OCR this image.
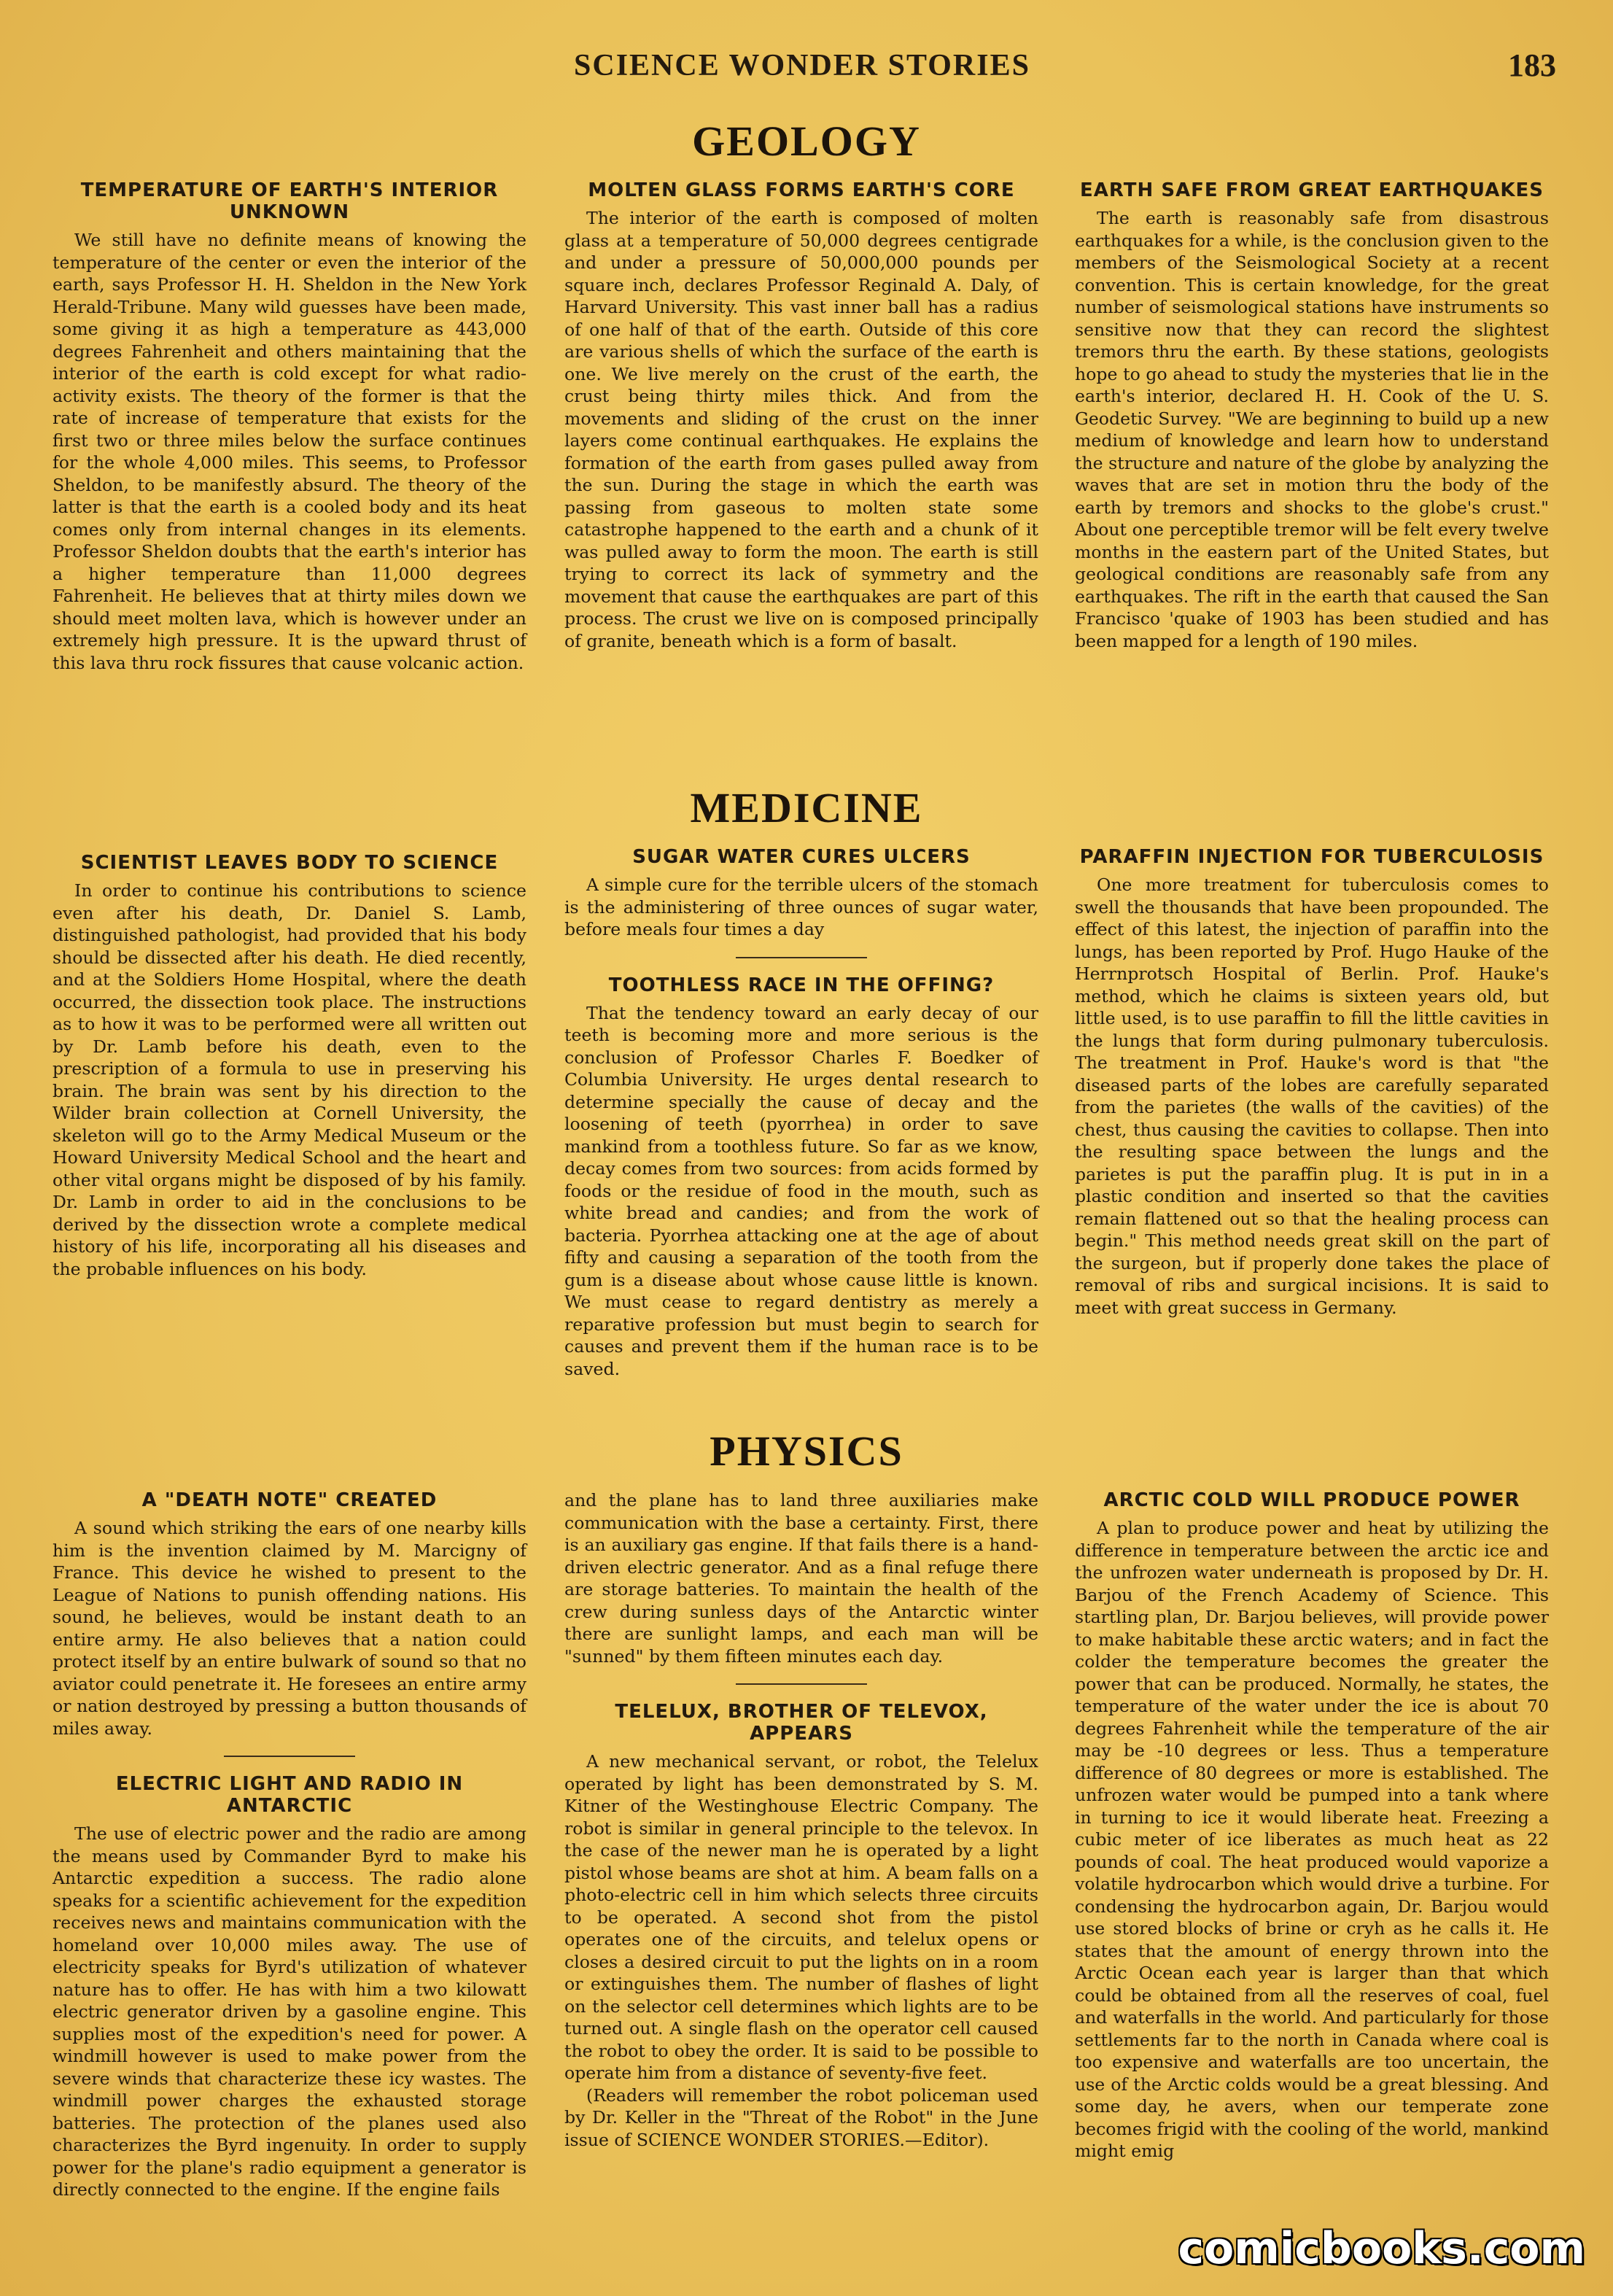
SCIENCE WONDER STORIES	183
GEOLOGY
TEMPERATURE OF EARTH'S INTERIOR UNKNOWN

We still have no definite means of knowing the temperature of the center or even the interior of the earth, says Professor H. H. Sheldon in the New York Herald-Tribune. Many wild guesses have been made, some giving it as high a temperature as 443,000 degrees Fahrenheit and others maintaining that the interior of the earth is cold except for what radio-activity exists. The theory of the former is that the rate of increase of temperature that exists for the first two or three miles below the surface continues for the whole 4,000 miles. This seems, to Professor Sheldon, to be manifestly absurd. The theory of the latter is that the earth is a cooled body and its heat comes only from internal changes in its elements. Professor Sheldon doubts that the earth's interior has a higher temperature than 11,000 degrees Fahrenheit. He believes that at thirty miles down we should meet molten lava, which is however under an extremely high pressure. It is the upward thrust of this lava thru rock fissures that cause volcanic action.

MOLTEN GLASS FORMS EARTH'S CORE

The interior of the earth is composed of molten glass at a temperature of 50,000 degrees centigrade and under a pressure of 50,000,000 pounds per square inch, declares Professor Reginald A. Daly, of Harvard University. This vast inner ball has a radius of one half of that of the earth. Outside of this core are various shells of which the surface of the earth is one. We live merely on the crust of the earth, the crust being thirty miles thick. And from the movements and sliding of the crust on the inner layers come continual earthquakes. He explains the formation of the earth from gases pulled away from the sun. During the stage in which the earth was passing from gaseous to molten state some catastrophe happened to the earth and a chunk of it was pulled away to form the moon. The earth is still trying to correct its lack of symmetry and the movement that cause the earthquakes are part of this process. The crust we live on is composed principally of granite, beneath which is a form of basalt.

EARTH SAFE FROM GREAT EARTHQUAKES

The earth is reasonably safe from disastrous earthquakes for a while, is the conclusion given to the members of the Seismological Society at a recent convention. This is certain knowledge, for the great number of seismological stations have instruments so sensitive now that they can record the slightest tremors thru the earth. By these stations, geologists hope to go ahead to study the mysteries that lie in the earth's interior, declared H. H. Cook of the U. S. Geodetic Survey. "We are beginning to build up a new medium of knowledge and learn how to understand the structure and nature of the globe by analyzing the waves that are set in motion thru the body of the earth by tremors and shocks to the globe's crust." About one perceptible tremor will be felt every twelve months in the eastern part of the United States, but geological conditions are reasonably safe from any earthquakes. The rift in the earth that caused the San Francisco 'quake of 1903 has been studied and has been mapped for a length of 190 miles.

MEDICINE
SCIENTIST LEAVES BODY TO SCIENCE

In order to continue his contributions to science even after his death, Dr. Daniel S. Lamb, distinguished pathologist, had provided that his body should be dissected after his death. He died recently, and at the Soldiers Home Hospital, where the death occurred, the dissection took place. The instructions as to how it was to be performed were all written out by Dr. Lamb before his death, even to the prescription of a formula to use in preserving his brain. The brain was sent by his direction to the Wilder brain collection at Cornell University, the skeleton will go to the Army Medical Museum or the Howard University Medical School and the heart and other vital organs might be disposed of by his family. Dr. Lamb in order to aid in the conclusions to be derived by the dissection wrote a complete medical history of his life, incorporating all his diseases and the probable influences on his body.

SUGAR WATER CURES ULCERS

A simple cure for the terrible ulcers of the stomach is the administering of three ounces of sugar water, before meals four times a day

TOOTHLESS RACE IN THE OFFING?

That the tendency toward an early decay of our teeth is becoming more and more serious is the conclusion of Professor Charles F. Boedker of Columbia University. He urges dental research to determine specially the cause of decay and the loosening of teeth (pyorrhea) in order to save mankind from a toothless future. So far as we know, decay comes from two sources: from acids formed by foods or the residue of food in the mouth, such as white bread and candies; and from the work of bacteria. Pyorrhea attacking one at the age of about fifty and causing a separation of the tooth from the gum is a disease about whose cause little is known. We must cease to regard dentistry as merely a reparative profession but must begin to search for causes and prevent them if the human race is to be saved.

PARAFFIN INJECTION FOR TUBERCULOSIS

One more treatment for tuberculosis comes to swell the thousands that have been propounded. The effect of this latest, the injection of paraffin into the lungs, has been reported by Prof. Hugo Hauke of the Herrnprotsch Hospital of Berlin. Prof. Hauke's method, which he claims is sixteen years old, but little used, is to use paraffin to fill the little cavities in the lungs that form during pulmonary tuberculosis. The treatment in Prof. Hauke's word is that "the diseased parts of the lobes are carefully separated from the parietes (the walls of the cavities) of the chest, thus causing the cavities to collapse. Then into the resulting space between the lungs and the parietes is put the paraffin plug. It is put in in a plastic condition and inserted so that the cavities remain flattened out so that the healing process can begin." This method needs great skill on the part of the surgeon, but if properly done takes the place of removal of ribs and surgical incisions. It is said to meet with great success in Germany.

PHYSICS
A "DEATH NOTE" CREATED

A sound which striking the ears of one nearby kills him is the invention claimed by M. Marcigny of France. This device he wished to present to the League of Nations to punish offending nations. His sound, he believes, would be instant death to an entire army. He also believes that a nation could protect itself by an entire bulwark of sound so that no aviator could penetrate it. He foresees an entire army or nation destroyed by pressing a button thousands of miles away.

ELECTRIC LIGHT AND RADIO IN ANTARCTIC

The use of electric power and the radio are among the means used by Commander Byrd to make his Antarctic expedition a success. The radio alone speaks for a scientific achievement for the expedition receives news and maintains communication with the homeland over 10,000 miles away. The use of electricity speaks for Byrd's utilization of whatever nature has to offer. He has with him a two kilowatt electric generator driven by a gasoline engine. This supplies most of the expedition's need for power. A windmill however is used to make power from the severe winds that characterize these icy wastes. The windmill power charges the exhausted storage batteries. The protection of the planes used also characterizes the Byrd ingenuity. In order to supply power for the plane's radio equipment a generator is directly connected to the engine. If the engine fails

and the plane has to land three auxiliaries make communication with the base a certainty. First, there is an auxiliary gas engine. If that fails there is a hand-driven electric generator. And as a final refuge there are storage batteries. To maintain the health of the crew during sunless days of the Antarctic winter there are sunlight lamps, and each man will be "sunned" by them fifteen minutes each day.

TELELUX, BROTHER OF TELEVOX, APPEARS

A new mechanical servant, or robot, the Telelux operated by light has been demonstrated by S. M. Kitner of the Westinghouse Electric Company. The robot is similar in general principle to the televox. In the case of the newer man he is operated by a light pistol whose beams are shot at him. A beam falls on a photo-electric cell in him which selects three circuits to be operated. A second shot from the pistol operates one of the circuits, and telelux opens or closes a desired circuit to put the lights on in a room or extinguishes them. The number of flashes of light on the selector cell determines which lights are to be turned out. A single flash on the operator cell caused the robot to obey the order. It is said to be possible to operate him from a distance of seventy-five feet.

(Readers will remember the robot policeman used by Dr. Keller in the "Threat of the Robot" in the June issue of SCIENCE WONDER STORIES.—Editor).

ARCTIC COLD WILL PRODUCE POWER

A plan to produce power and heat by utilizing the difference in temperature between the arctic ice and the unfrozen water underneath is proposed by Dr. H. Barjou of the French Academy of Science. This startling plan, Dr. Barjou believes, will provide power to make habitable these arctic waters; and in fact the colder the temperature becomes the greater the power that can be produced. Normally, he states, the temperature of the water under the ice is about 70 degrees Fahrenheit while the temperature of the air may be -10 degrees or less. Thus a temperature difference of 80 degrees or more is established. The unfrozen water would be pumped into a tank where in turning to ice it would liberate heat. Freezing a cubic meter of ice liberates as much heat as 22 pounds of coal. The heat produced would vaporize a volatile hydrocarbon which would drive a turbine. For condensing the hydrocarbon again, Dr. Barjou would use stored blocks of brine or cryh as he calls it. He states that the amount of energy thrown into the Arctic Ocean each year is larger than that which could be obtained from all the reserves of coal, fuel and waterfalls in the world. And particularly for those settlements far to the north in Canada where coal is too expensive and waterfalls are too uncertain, the use of the Arctic colds would be a great blessing. And some day, he avers, when our temperate zone becomes frigid with the cooling of the world, mankind might emig

comicbooks.com
